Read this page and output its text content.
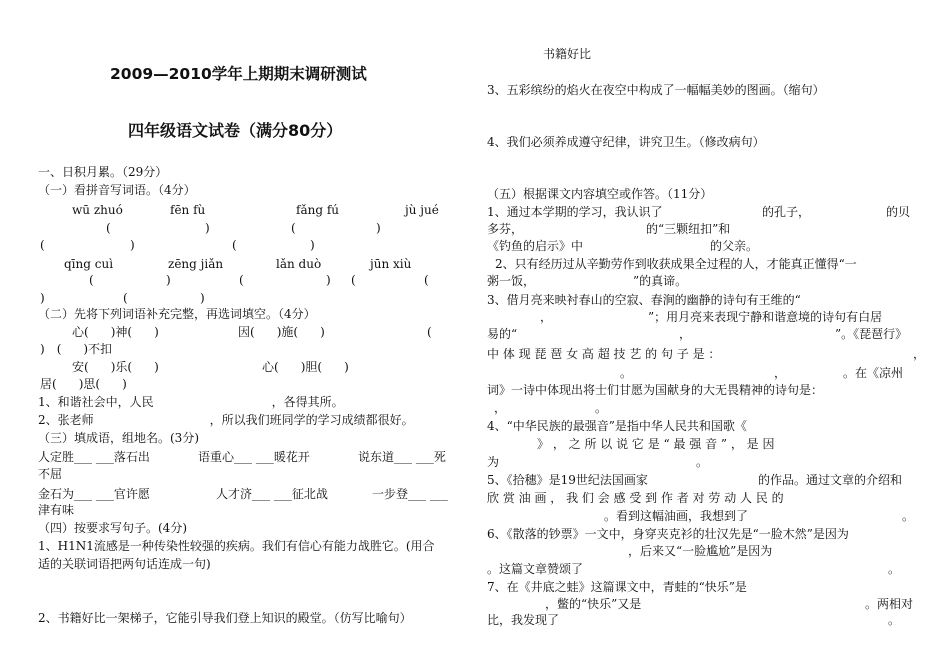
书籍好比
2009—2010学年上期期末调研测试
四年级语文试卷（满分80分）
一、日积月累。（29分）
（一）看拼音写词语。（4分）
wū zhuó	fēn fù	fǎng fú	jù jué
(	)	(	)
(	)	(	)
qīng cuì	zēng jiǎn	lǎn duò	jūn xiù
(	)	(	) (	(
)	(	)
（二）先将下列词语补充完整，再选词填空。（4分）
心( )神( )	因( )施( )	(
) ( )不扣
安( )乐( )	心( )胆( )
居( )思( )
1、和谐社会中，人民	，各得其所。
2、张老师	，所以我们班同学的学习成绩都很好。
（三）填成语，组地名。(3分)
人定胜___ ___落石出	语重心___ ___暖花开	说东道___ ___死
不屈
金石为___ ___官许愿	人才济___ ___征北战	一步登___ ___
津有味
（四）按要求写句子。(4分)
1、H1N1流感是一种传染性较强的疾病。我们有信心有能力战胜它。(用合
适的关联词语把两句话连成一句)
2、书籍好比一架梯子，它能引导我们登上知识的殿堂。（仿写比喻句）
3、五彩缤纷的焰火在夜空中构成了一幅幅美妙的图画。（缩句）
4、我们必须养成遵守纪律，讲究卫生。（修改病句）
（五）根据课文内容填空或作答。（11分）
1、通过本学期的学习，我认识了	的孔子，	的贝
多芬，	的“三颗纽扣”和
《钓鱼的启示》中	的父亲。
2、只有经历过从辛勤劳作到收获成果全过程的人，才能真正懂得“一
粥一饭，	”的真谛。
3、借月亮来映衬春山的空寂、春涧的幽静的诗句有王维的“
，	”；用月亮来表现宁静和谐意境的诗句有白居
易的“	，	”。《琵琶行》
中 体 现 琵 琶 女 高 超 技 艺 的 句 子 是 ：	，
。	，	。在《凉州
词》一诗中体现出将士们甘愿为国献身的大无畏精神的诗句是：
，	。
4、“中华民族的最强音”是指中华人民共和国歌《
》 ， 之 所 以 说 它 是 “ 最 强 音 ” ， 是 因
为	。
5、《拾穗》是19世纪法国画家	的作品。通过文章的介绍和
欣 赏 油 画 ， 我 们 会 感 受 到 作 者 对 劳 动 人 民 的
。看到这幅油画，我想到了	。
6、《散落的钞票》一文中，身穿夹克衫的壮汉先是“一脸木然”是因为
，后来又“一脸尴尬”是因为
。这篇文章赞颂了	。
7、在《井底之蛙》这篇课文中，青蛙的“快乐”是
，鳖的“快乐”又是	。两相对
比，我发现了	。
